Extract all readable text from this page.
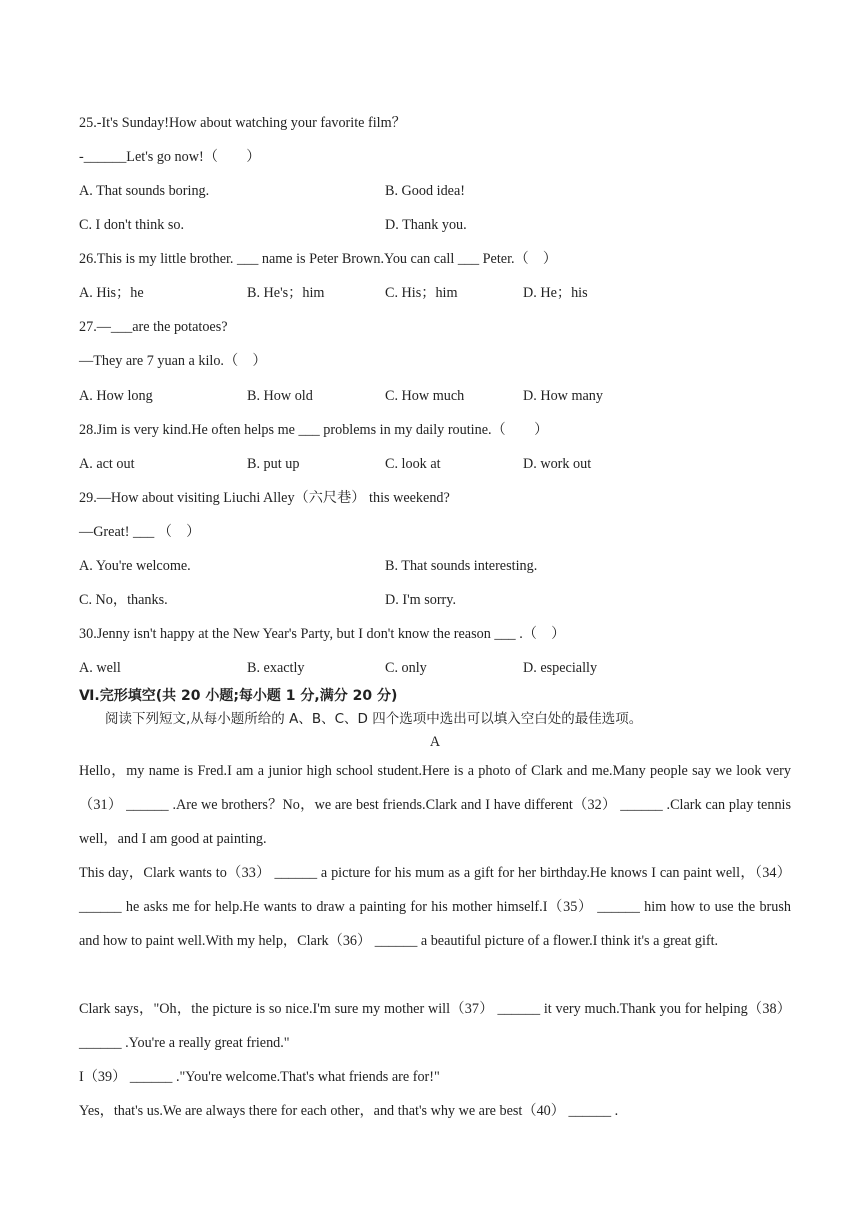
25.-It's Sunday!How about watching your favorite film？
-______Let's go now!（　　）
A. That sounds boring.	B. Good idea!
C. I don't think so.	D. Thank you.
26.This is my little brother. ___ name is Peter Brown.You can call ___ Peter.（　）
A. His；he	B. He's；him	C. His；him	D. He；his
27.—___are the potatoes?
—They are 7 yuan a kilo.（　）
A. How long	B. How old	C. How much	D. How many
28.Jim is very kind.He often helps me ___ problems in my daily routine.（　　）
A. act out	B. put up	C. look at	D. work out
29.—How about visiting Liuchi Alley（六尺巷） this weekend?
—Great! ___ （　）
A. You're welcome.	B. That sounds interesting.
C. No，thanks.	D. I'm sorry.
30.Jenny isn't happy at the New Year's Party, but I don't know the reason ___ .（　）
A. well	B. exactly	C. only	D. especially
Ⅵ.完形填空(共 20 小题;每小题 1 分,满分 20 分)
阅读下列短文,从每小题所给的 A、B、C、D 四个选项中选出可以填入空白处的最佳选项。
A
Hello，my name is Fred.I am a junior high school student.Here is a photo of Clark and me.Many people say we look very（31） ______ .Are we brothers？No，we are best friends.Clark and I have different（32） ______ .Clark can play tennis well，and I am good at painting.
This day，Clark wants to（33） ______ a picture for his mum as a gift for her birthday.He knows I can paint well，（34） ______ he asks me for help.He wants to draw a painting for his mother himself.I（35） ______ him how to use the brush and how to paint well.With my help，Clark（36） ______ a beautiful picture of a flower.I think it's a great gift.
Clark says，"Oh，the picture is so nice.I'm sure my mother will（37） ______ it very much.Thank you for helping（38） ______ .You're a really great friend."
I（39） ______ ."You're welcome.That's what friends are for!"
Yes，that's us.We are always there for each other，and that's why we are best（40） ______ .
